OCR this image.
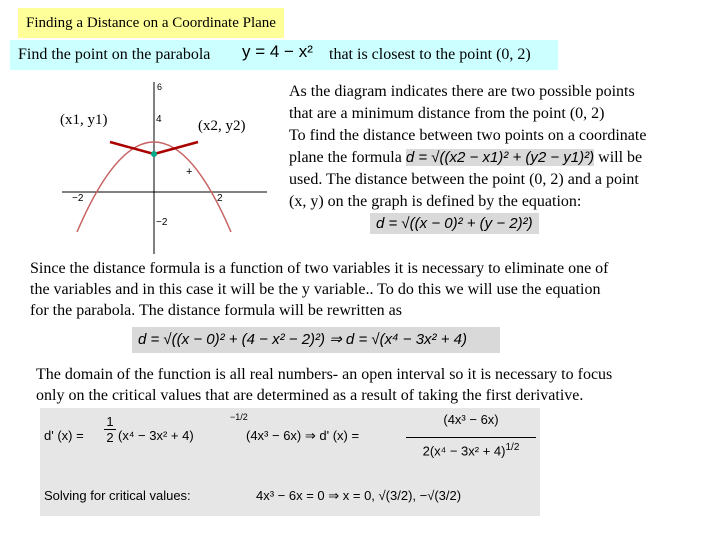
Finding a Distance on a Coordinate Plane
Find the point on the parabola y = 4 − x² that is closest to the point (0, 2)
6
+
−2	2
4
−2
(x1, y1)	(x2, y2)
As the diagram indicates there are two possible points
that are a minimum distance from the point (0, 2)
To find the distance between two points on a coordinate
plane the formula d = √((x2 − x1)² + (y2 − y1)²) will be
used. The distance between the point (0, 2) and a point
(x, y) on the graph is defined by the equation:
d = √((x − 0)² + (y − 2)²)
Since the distance formula is a function of two variables it is necessary to eliminate one of
the variables and in this case it will be the y variable.. To do this we will use the equation
for the parabola. The distance formula will be rewritten as
d = √((x − 0)² + (4 − x² − 2)²) ⇒ d = √(x⁴ − 3x² + 4)
The domain of the function is all real numbers- an open interval so it is necessary to focus
only on the critical values that are determined as a result of taking the first derivative.
d' $(x) = \frac{1}{2} (x^4 - 3x^2 + 4)$
−1/2
(4x³ − 6x) ⇒ d' (x) =	$\frac{\text{(4x³ − 6x)}}{2(x^4 - 3x^2 + 4)^{1/2}}$
Solving for critical values:	4x³ − 6x = 0 ⇒ x = 0, √(3/2), −√(3/2)
